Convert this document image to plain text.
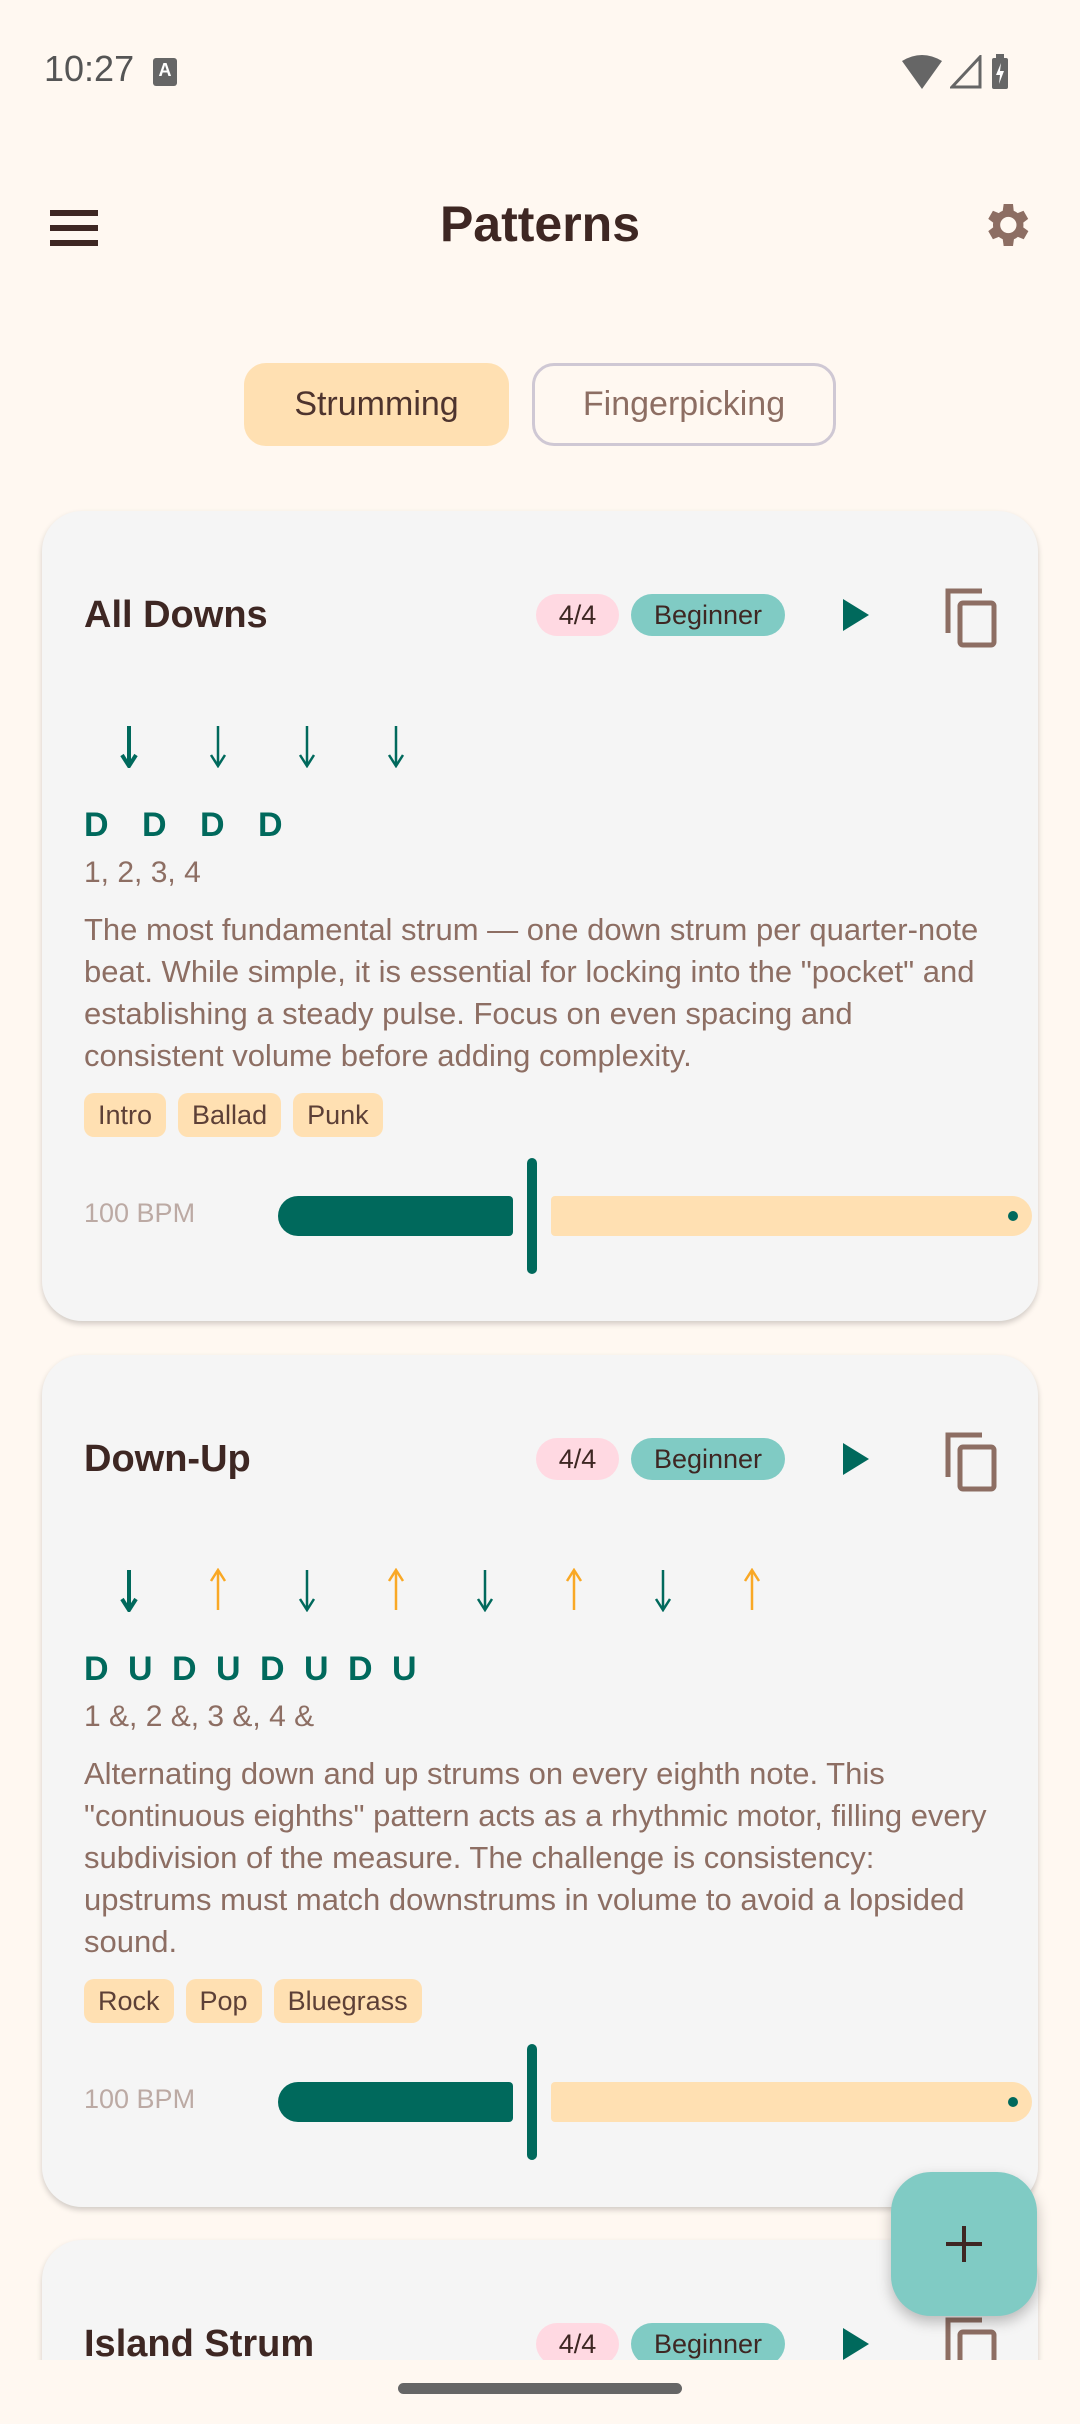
10:27	A
Patterns
Strumming	Fingerpicking
All Downs	4/4	Beginner
D D D D
1, 2, 3, 4
The most fundamental strum — one down strum per quarter-note beat. While simple, it is essential for locking into the "pocket" and establishing a steady pulse. Focus on even spacing and consistent volume before adding complexity.
Intro	Ballad	Punk
100 BPM
Down-Up	4/4	Beginner
D U D U D U D U
1 &, 2 &, 3 &, 4 &
Alternating down and up strums on every eighth note. This "continuous eighths" pattern acts as a rhythmic motor, filling every subdivision of the measure. The challenge is consistency: upstrums must match downstrums in volume to avoid a lopsided sound.
Rock	Pop	Bluegrass
100 BPM
Island Strum	4/4	Beginner
